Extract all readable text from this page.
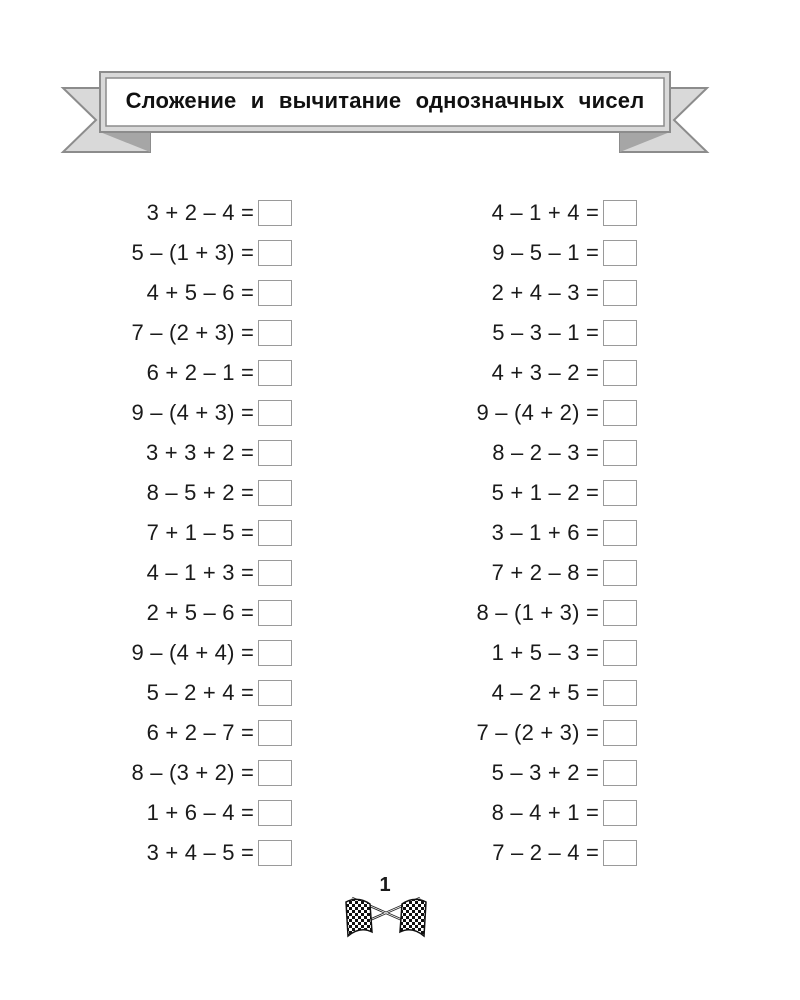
Сложение и вычитание однозначных чисел
3 + 2 – 4 =
5 – (1 + 3) =
4 + 5 – 6 =
7 – (2 + 3) =
6 + 2 – 1 =
9 – (4 + 3) =
3 + 3 + 2 =
8 – 5 + 2 =
7 + 1 – 5 =
4 – 1 + 3 =
2 + 5 – 6 =
9 – (4 + 4) =
5 – 2 + 4 =
6 + 2 – 7 =
8 – (3 + 2) =
1 + 6 – 4 =
3 + 4 – 5 =
4 – 1 + 4 =
9 – 5 – 1 =
2 + 4 – 3 =
5 – 3 – 1 =
4 + 3 – 2 =
9 – (4 + 2) =
8 – 2 – 3 =
5 + 1 – 2 =
3 – 1 + 6 =
7 + 2 – 8 =
8 – (1 + 3) =
1 + 5 – 3 =
4 – 2 + 5 =
7 – (2 + 3) =
5 – 3 + 2 =
8 – 4 + 1 =
7 – 2 – 4 =
1
